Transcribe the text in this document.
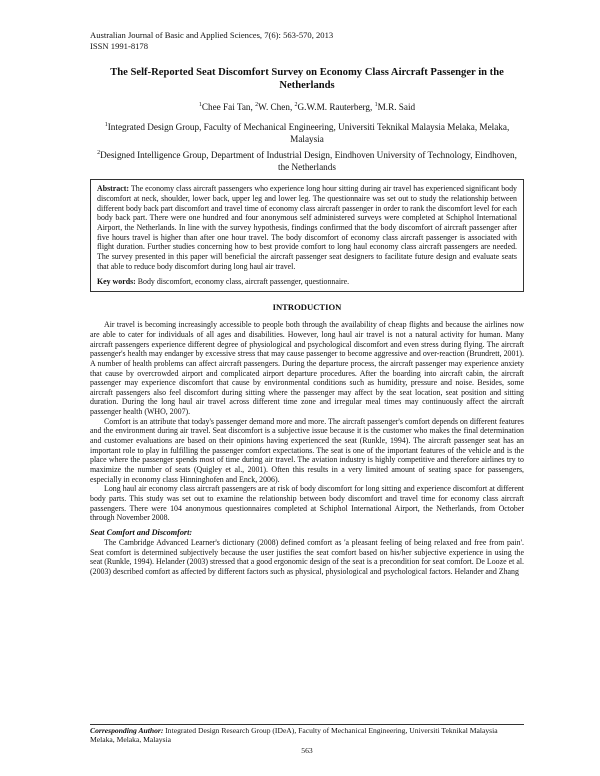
Australian Journal of Basic and Applied Sciences, 7(6): 563-570, 2013
ISSN 1991-8178
The Self-Reported Seat Discomfort Survey on Economy Class Aircraft Passenger in the Netherlands
$^1$Chee Fai Tan, $^2$W. Chen, $^2$G.W.M. Rauterberg, $^1$M.R. Said
$^1$Integrated Design Group, Faculty of Mechanical Engineering, Universiti Teknikal Malaysia Melaka, Melaka, Malaysia
$^2$Designed Intelligence Group, Department of Industrial Design, Eindhoven University of Technology, Eindhoven, the Netherlands
Abstract: The economy class aircraft passengers who experience long hour sitting during air travel has experienced significant body discomfort at neck, shoulder, lower back, upper leg and lower leg. The questionnaire was set out to study the relationship between different body back part discomfort and travel time of economy class aircraft passenger in order to rank the discomfort level for each body back part. There were one hundred and four anonymous self administered surveys were completed at Schiphol International Airport, the Netherlands. In line with the survey hypothesis, findings confirmed that the body discomfort of aircraft passenger after five hours travel is higher than after one hour travel. The body discomfort of economy class aircraft passenger is associated with flight duration. Further studies concerning how to best provide comfort to long haul economy class aircraft passengers are needed. The survey presented in this paper will beneficial the aircraft passenger seat designers to facilitate future design and evaluate seats that able to reduce body discomfort during long haul air travel.
Key words: Body discomfort, economy class, aircraft passenger, questionnaire.
INTRODUCTION

Air travel is becoming increasingly accessible to people both through the availability of cheap flights and because the airlines now are able to cater for individuals of all ages and disabilities. However, long haul air travel is not a natural activity for human. Many aircraft passengers experience different degree of physiological and psychological discomfort and even stress during flying. The aircraft passenger's health may endanger by excessive stress that may cause passenger to become aggressive and over-reaction (Brundrett, 2001). A number of health problems can affect aircraft passengers. During the departure process, the aircraft passenger may experience anxiety that cause by overcrowded airport and complicated airport departure procedures. After the boarding into aircraft cabin, the aircraft passenger may experience discomfort that cause by environmental conditions such as humidity, pressure and noise. Besides, some aircraft passengers also feel discomfort during sitting where the passenger may affect by the seat location, seat position and sitting duration. During the long haul air travel across different time zone and irregular meal times may continuously affect the aircraft passenger health (WHO, 2007).

Comfort is an attribute that today's passenger demand more and more. The aircraft passenger's comfort depends on different features and the environment during air travel. Seat discomfort is a subjective issue because it is the customer who makes the final determination and customer evaluations are based on their opinions having experienced the seat (Runkle, 1994). The aircraft passenger seat has an important role to play in fulfilling the passenger comfort expectations. The seat is one of the important features of the vehicle and is the place where the passenger spends most of time during air travel. The aviation industry is highly competitive and therefore airlines try to maximize the number of seats (Quigley et al., 2001). Often this results in a very limited amount of seating space for passengers, especially in economy class Hinninghofen and Enck, 2006).

Long haul air economy class aircraft passengers are at risk of body discomfort for long sitting and experience discomfort at different body parts. This study was set out to examine the relationship between body discomfort and travel time for economy class aircraft passengers. There were 104 anonymous questionnaires completed at Schiphol International Airport, the Netherlands, from October through November 2008.

Seat Comfort and Discomfort:

The Cambridge Advanced Learner's dictionary (2008) defined comfort as 'a pleasant feeling of being relaxed and free from pain'. Seat comfort is determined subjectively because the user justifies the seat comfort based on his/her subjective experience in using the seat (Runkle, 1994). Helander (2003) stressed that a good ergonomic design of the seat is a precondition for seat comfort. De Looze et al. (2003) described comfort as affected by different factors such as physical, physiological and psychological factors. Helander and Zhang

Corresponding Author: Integrated Design Research Group (IDeA), Faculty of Mechanical Engineering, Universiti Teknikal Malaysia Melaka, Melaka, Malaysia
563
